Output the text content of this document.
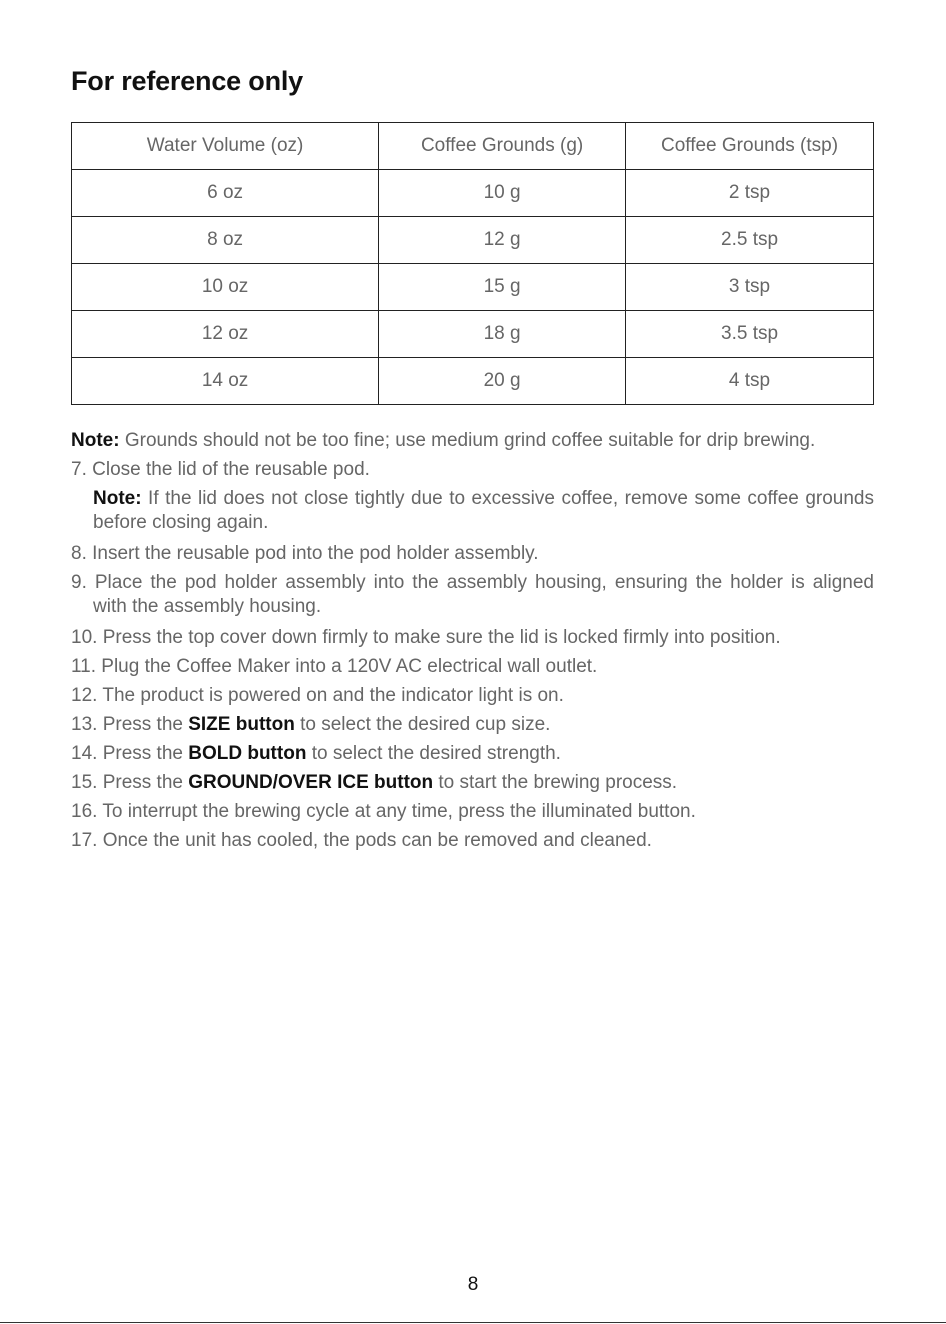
For reference only
Water Volume (oz)	Coffee Grounds (g)	Coffee Grounds (tsp)
6 oz	10 g	2 tsp
8 oz	12 g	2.5 tsp
10 oz	15 g	3 tsp
12 oz	18 g	3.5 tsp
14 oz	20 g	4 tsp

Note: Grounds should not be too fine; use medium grind coffee suitable for drip brewing.

7. Close the lid of the reusable pod.

Note: If the lid does not close tightly due to excessive coffee, remove some coffee grounds before closing again.

8. Insert the reusable pod into the pod holder assembly.

9. Place the pod holder assembly into the assembly housing, ensuring the holder is aligned with the assembly housing.

10. Press the top cover down firmly to make sure the lid is locked firmly into position.

11. Plug the Coffee Maker into a 120V AC electrical wall outlet.

12. The product is powered on and the indicator light is on.

13. Press the SIZE button to select the desired cup size.

14. Press the BOLD button to select the desired strength.

15. Press the GROUND/OVER ICE button to start the brewing process.

16. To interrupt the brewing cycle at any time, press the illuminated button.

17. Once the unit has cooled, the pods can be removed and cleaned.

8
